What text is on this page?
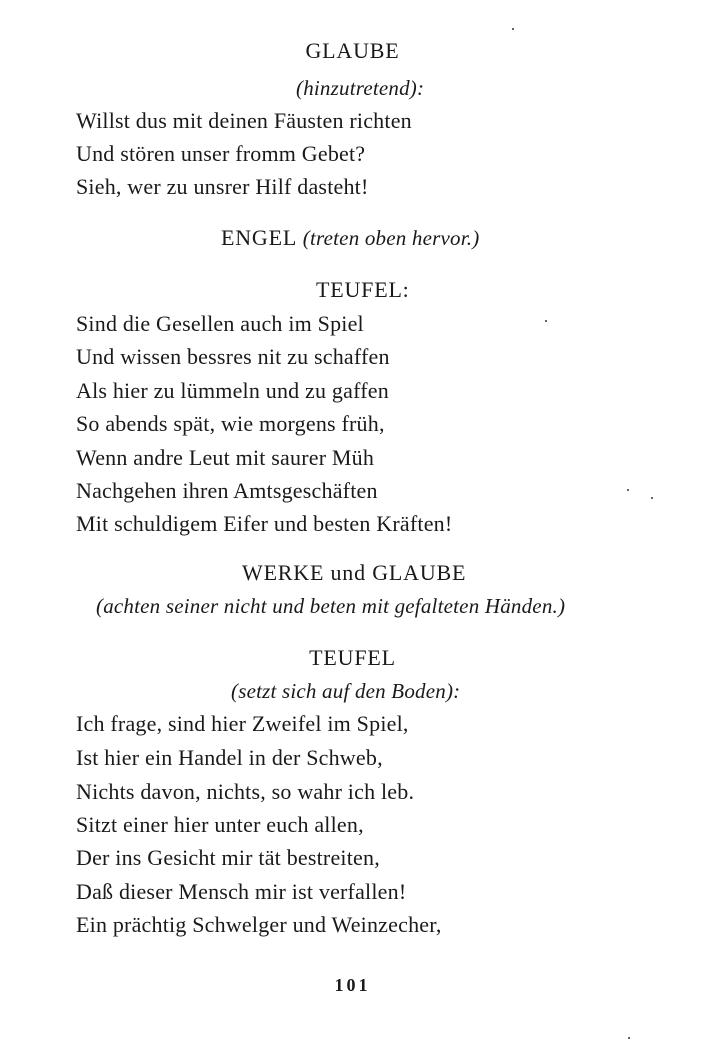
GLAUBE
(hinzutretend):
Willst dus mit deinen Fäusten richten
Und stören unser fromm Gebet?
Sieh, wer zu unsrer Hilf dasteht!
ENGEL (treten oben hervor.)
TEUFEL:
Sind die Gesellen auch im Spiel
Und wissen bessres nit zu schaffen
Als hier zu lümmeln und zu gaffen
So abends spät, wie morgens früh,
Wenn andre Leut mit saurer Müh
Nachgehen ihren Amtsgeschäften
Mit schuldigem Eifer und besten Kräften!
WERKE und GLAUBE
(achten seiner nicht und beten mit gefalteten Händen.)
TEUFEL
(setzt sich auf den Boden):
Ich frage, sind hier Zweifel im Spiel,
Ist hier ein Handel in der Schweb,
Nichts davon, nichts, so wahr ich leb.
Sitzt einer hier unter euch allen,
Der ins Gesicht mir tät bestreiten,
Daß dieser Mensch mir ist verfallen!
Ein prächtig Schwelger und Weinzecher,
101
